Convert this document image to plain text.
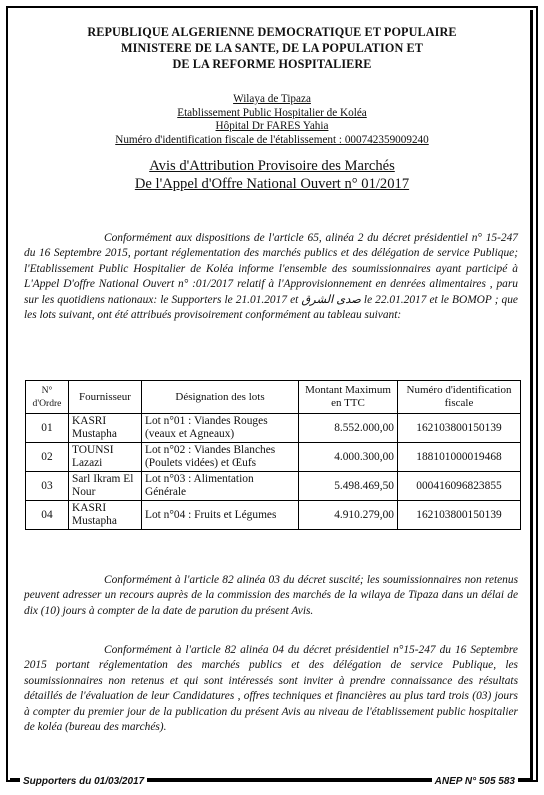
REPUBLIQUE ALGERIENNE DEMOCRATIQUE ET POPULAIRE
MINISTERE DE LA SANTE, DE LA POPULATION ET
DE LA REFORME HOSPITALIERE
Wilaya de Tipaza
Etablissement Public Hospitalier de Koléa
Hôpital Dr FARES Yahia
Numéro d'identification fiscale de l'établissement : 000742359009240
Avis d'Attribution Provisoire des Marchés
De l'Appel d'Offre National Ouvert n° 01/2017
Conformément aux dispositions de l'article 65, alinéa 2 du décret présidentiel n° 15-247 du 16 Septembre 2015, portant réglementation des marchés publics et des délégation de service Publique; l'Etablissement Public Hospitalier de Koléa informe l'ensemble des soumissionnaires ayant participé à L'Appel D'offre National Ouvert n° :01/2017 relatif à l'Approvisionnement en denrées alimentaires , paru sur les quotidiens nationaux: le Supporters le 21.01.2017 et صدى الشرق le 22.01.2017 et le BOMOP ; que les lots suivant, ont été attribués provisoirement conformément au tableau suivant:
N° d'Ordre	Fournisseur	Désignation des lots	Montant Maximum en TTC	Numéro d'identification fiscale
01	KASRI Mustapha	Lot n°01 : Viandes Rouges (veaux et Agneaux)	8.552.000,00	162103800150139
02	TOUNSI Lazazi	Lot n°02 : Viandes Blanches (Poulets vidées) et Œufs	4.000.300,00	188101000019468
03	Sarl Ikram El Nour	Lot n°03 : Alimentation Générale	5.498.469,50	000416096823855
04	KASRI Mustapha	Lot n°04 : Fruits et Légumes	4.910.279,00	162103800150139
Conformément à l'article 82 alinéa 03 du décret suscité; les soumissionnaires non retenus peuvent adresser un recours auprès de la commission des marchés de la wilaya de Tipaza dans un délai de dix (10) jours à compter de la date de parution du présent Avis.
Conformément à l'article 82 alinéa 04 du décret présidentiel n°15-247 du 16 Septembre 2015 portant réglementation des marchés publics et des délégation de service Publique, les soumissionnaires non retenus et qui sont intéressés sont inviter à prendre connaissance des résultats détaillés de l'évaluation de leur Candidatures , offres techniques et financières au plus tard trois (03) jours à compter du premier jour de la publication du présent Avis au niveau de l'établissement public hospitalier de koléa (bureau des marchés).
Supporters du 01/03/2017	ANEP N° 505 583
